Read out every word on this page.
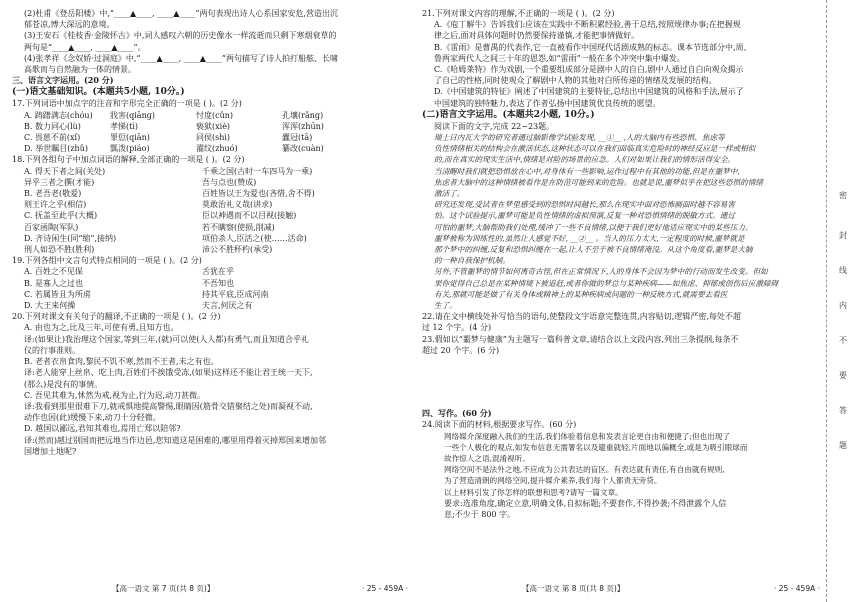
(2)杜甫《登岳阳楼》中,“____▲____, ____▲____”两句表现出诗人心系国家安危,营造出沉
郁苍凉,博大深远的意境。
(3)王安石《桂枝香·金陵怀古》中,词人感叹六朝的历史像水一样流逝而只剩下寒烟衰草的
两句是“____▲____, ____▲____”。
(4)张孝祥《念奴娇·过洞庭》中,“____▲____, ____▲____”两句描写了诗人拍打船舷、长啸
高歌而与自然融为一体的情景。
三、语言文字运用。(20 分)
(一)语文基础知识。(本题共5小题, 10分。)
17.下列词语中加点字的注音和字形完全正确的一项是 ( )。(2 分)
A. 踌躇满志(chóu)	戕害(qiāng)	忖度(cǔn)	孔壤(rǎng)
B. 数力同心(lù)	孝悌(tì)	亵狱(xiè)	浑浑(zhūn)
C. 畏葸不前(xǐ)	罪愆(qiān)	同侯(shì)	蠹冠(tā)
D. 举世瞩目(zhǔ)	瓢泼(piáo)	濯纹(zhuó)	纂改(cuàn)
18.下列各组句子中加点词语的解释,全部正确的一项是 ( )。(2 分)
A. 得天下者之间(关处)	千乘之国(古时一车四马为一乘)
异乎三者之撰(才能)	吾与点也(赞成)
B. 老吾老(敬爱)	百姓皆以王为爱也(吝惜,舍不得)
则王许之乎(相信)	莫敢治礼义哉(讲求)
C. 抚盖至此乎(大概)	臣以神遇而不以目视(接触)
百家函陶(军队)	若不瞒察(使损,削减)
D. 齐诗闲生(同“缩”,接纳)	项伯杀人,臣活之(使……活命)
刑人如恐不胜(胜利)	沛公不胜杯杓(承受)
19.下列各组中文言句式特点相同的一项是 ( )。(2 分)
A. 百姓之不见保	舌犹在乎
B. 是寡人之过也	不吾知也
C. 若属皆且为所虏	持其平底,臣成河南
D. 大王来何操	夫言,何厌之有
20.下列对课文有关句子的翻译,不正确的一项是 ( )。(2 分)
A. 由也为之,比及三年,可使有勇,且知方也。
译:(如果让)我治理这个国家,等到三年,(就)可以使(人人都)有勇气,而且知道合乎礼
仪的行事准则。
B. 老者衣帛食肉,黎民不饥不寒,然而不王者,未之有也。
译:老人能穿上丝帛、吃上肉,百姓们不挨饿受冻,(如果)这样还不能让君王统一天下,
(那么)是没有的事情。
C. 吾见其难为,怵然为戒,视为止,行为迟,动刀甚微。
译:我看到那里很难下刀,就戒惧地提高警惕,眼睛因(筋骨交错聚结之处)而凝视不动,
动作也因(此)缓慢下来,动刀十分轻微。
D. 越国以鄙远,君知其难也,焉用亡郑以陪邻?
译:(然而)越过别国而把远地当作边邑,您知道这是困难的,哪里用得着灭掉郑国来增加邻
国增加土地呢?
【高一语文 第 7 页(共 8 页)】	· 25 - 459A ·
21.下列对课文内容的理解,不正确的一项是 ( )。(2 分)
A.《庖丁解牛》告诉我们:应该在实践中不断积累经验,善于总结,按照规律办事;在把握规
律之后,面对具体问题时仍然要保持谨慎,才能把事情做好。
B.《雷雨》是曹禺的代表作,它一直被看作中国现代话剧成熟的标志。课本节选部分中,周、
鲁两家两代人之间三十年的恩怨,如“雷雨”一般在多个冲突中集中爆发。
C.《哈姆莱特》作为戏剧,一个重要组成部分是剧中人的自白,剧中人通过自白向观众揭示
了自己的性格,同时使观众了解剧中人物的其他对白所传递的情绪及发展的结构。
D.《中国建筑的特征》阐述了中国建筑的主要特征,总结出中国建筑的风格和手法,展示了
中国建筑的独特魅力,表达了作者弘扬中国建筑优良传统的愿望。
(二)语言文字运用。(本题共2小题, 10分。)
阅读下面的文字,完成 22~23题。
瑞士日内瓦大学的研究者通过脑影像学试验发现, __①__ ,人的大脑内有些恐惧、焦虑等
负性情绪相关的结构会在激活状态,这种状态可以在我们面临真实危险时的神经反应是一样或相似
的,而在真实的现实生活中,情绪是对险的场景的应急。人们对如果让我们的情形活得安全。
当清醒时我们就把恐惧放在心中,对身体有一些影响,运作过程中有其他的功能,但是在噩梦中,
焦虑者大脑中的这种情绪被看作是在防范可能到来的危险。也就是说,噩梦似乎在把这些恐惧的情绪
激活了。
研究还发现,受试者在梦里感受到的恐惧时间越长,那么在现实中面对恐怖画面时越不容易害
怕。这个试验提示,噩梦可能是负性情绪的虚拟预演,反复一种对恐惧情绪的脱敏方式。通过
可怕的噩梦,大脑帮助我们处理,缓冲了一些不良情绪,以便于我们更好地适应现实中的某些压力。
噩梦被称为训练性的,虽然让人感觉不好, __②__ 。当人的压力太大,一定程度的时候,噩梦就是
那个梦中的纠缠,反复和恐惧纠缠在一起,让人不至于被不良情绪淹没。从这个角度看,噩梦是大脑
的一种自我保护机制。
另外,不管噩梦的情节如何离奇古怪,但在正常情况下,人的身体不会因为梦中的行动而发生改变。但如
果你觉得自己总是在某种情境下被追赶,或者你做的梦总与某种疾病——如焦虑、抑郁或创伤后应激障碍
有关,那就可能是做了有关身体或精神上的某种疾病或问题的一种反映方式,就需要去看医
生了。
22.请在文中横线处补写恰当的语句,使整段文字语意完整连贯,内容贴切,逻辑严密,每处不超
过 12 个字。(4 分)
23.假如以“噩梦与健康”为主题写一篇科普文章,请结合以上文段内容,列出三条提纲,每条不
超过 20 个字。(6 分)
四、写作。(60 分)
24.阅读下面的材料,根据要求写作。(60 分)
网络媒介深度融入我们的生活,我们体验着信息和发表言论更自由和便捷了;但也出现了
一些个人极化的观点,如发布信息无需署名以及避重就轻,片面地以偏概全,或是为吸引眼球而
故作惊人之语,混淆视听。
网络空间不是法外之地,不应成为公共表达的盲区。有表达就有责任,有自由就有规则,
为了营造清朗的网络空间,提升媒介素养,我们每个人都责无旁贷。
以上材料引发了你怎样的联想和思考?请写一篇文章。
要求:选准角度,确定立意,明确文体,自拟标题;不要套作,不得抄袭;不得泄露个人信
息;不少于 800 字。
【高一语文 第 8 页(共 8 页)】	· 25 - 459A ·
密
封
线
内
不
要
答
题
